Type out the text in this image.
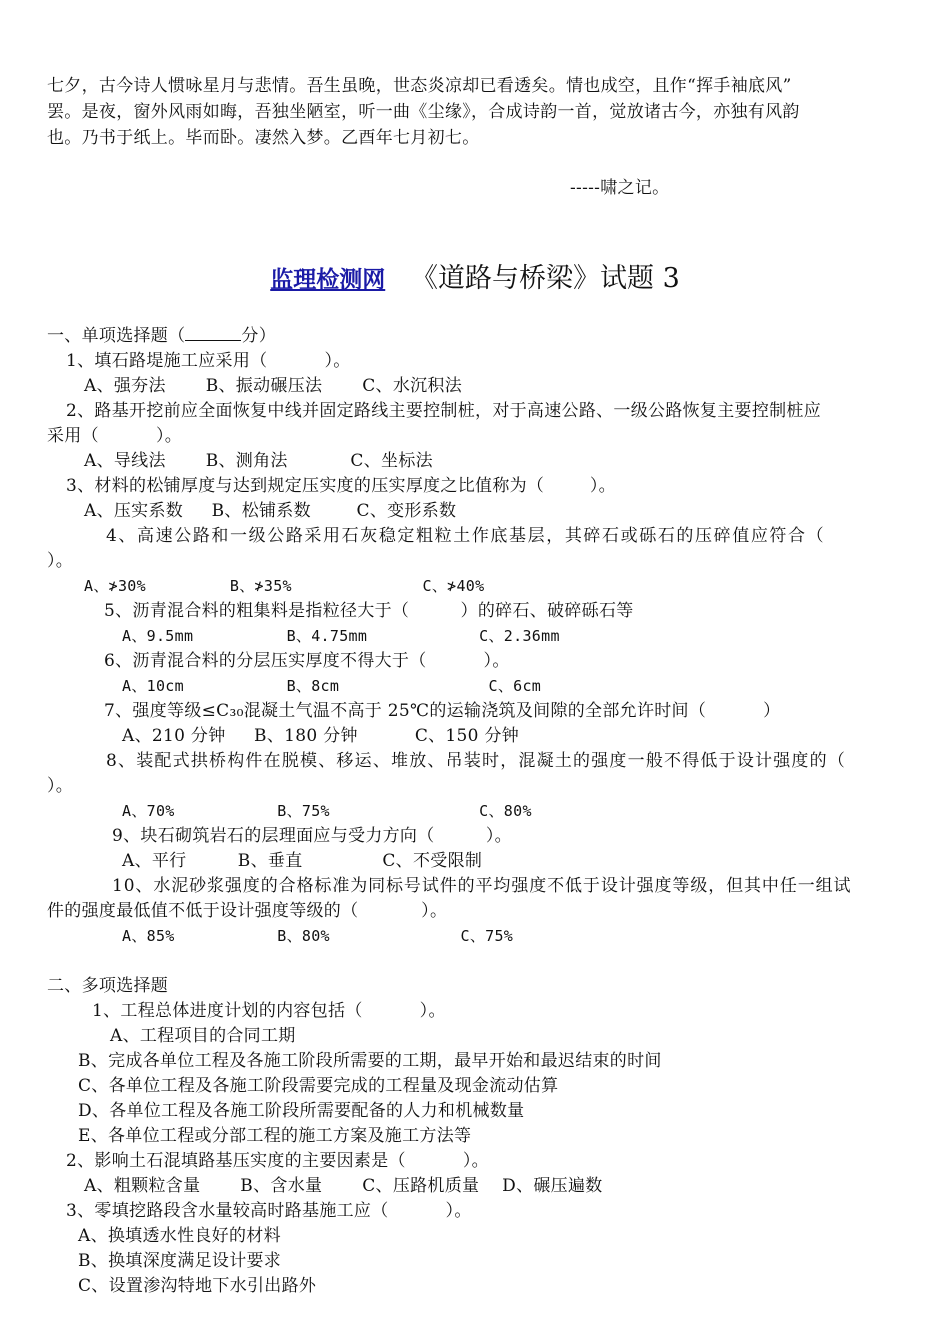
七夕，古今诗人惯咏星月与悲情。吾生虽晚，世态炎凉却已看透矣。情也成空，且作“挥手袖底风”
罢。是夜，窗外风雨如晦，吾独坐陋室，听一曲《尘缘》，合成诗韵一首，觉放诸古今，亦独有风韵
也。乃书于纸上。毕而卧。凄然入梦。乙酉年七月初七。
-----啸之记。
监理检测网 《道路与桥梁》试题 3
一、单项选择题（	分）
1、填石路堤施工应采用（          ）。
A、强夯法       B、振动碾压法       C、水沉积法
2、路基开挖前应全面恢复中线并固定路线主要控制桩，对于高速公路、一级公路恢复主要控制桩应
采用（          ）。
A、导线法       B、测角法           C、坐标法
3、材料的松铺厚度与达到规定压实度的压实厚度之比值称为（        ）。
A、压实系数     B、松铺系数        C、变形系数
4、高速公路和一级公路采用石灰稳定粗粒土作底基层，其碎石或砾石的压碎值应符合（
）。
A、≯30%         B、≯35%              C、≯40%
5、沥青混合料的粗集料是指粒径大于（         ）的碎石、破碎砾石等
A、9.5mm          B、4.75mm            C、2.36mm
6、沥青混合料的分层压实厚度不得大于（          ）。
A、10cm           B、8cm                C、6cm
7、强度等级≤C₃₀混凝土气温不高于 25℃的运输浇筑及间隙的全部允许时间（          ）
A、210 分钟     B、180 分钟          C、150 分钟
8、装配式拱桥构件在脱模、移运、堆放、吊装时，混凝土的强度一般不得低于设计强度的（
）。
A、70%           B、75%                C、80%
9、块石砌筑岩石的层理面应与受力方向（         ）。
A、平行         B、垂直              C、不受限制
10、水泥砂浆强度的合格标准为同标号试件的平均强度不低于设计强度等级，但其中任一组试
件的强度最低值不低于设计强度等级的（           ）。
A、85%           B、80%              C、75%
二、多项选择题
1、工程总体进度计划的内容包括（          ）。
A、工程项目的合同工期
B、完成各单位工程及各施工阶段所需要的工期，最早开始和最迟结束的时间
C、各单位工程及各施工阶段需要完成的工程量及现金流动估算
D、各单位工程及各施工阶段所需要配备的人力和机械数量
E、各单位工程或分部工程的施工方案及施工方法等
2、影响土石混填路基压实度的主要因素是（          ）。
A、粗颗粒含量       B、含水量       C、压路机质量    D、碾压遍数
3、零填挖路段含水量较高时路基施工应（          ）。
A、换填透水性良好的材料
B、换填深度满足设计要求
C、设置渗沟特地下水引出路外
